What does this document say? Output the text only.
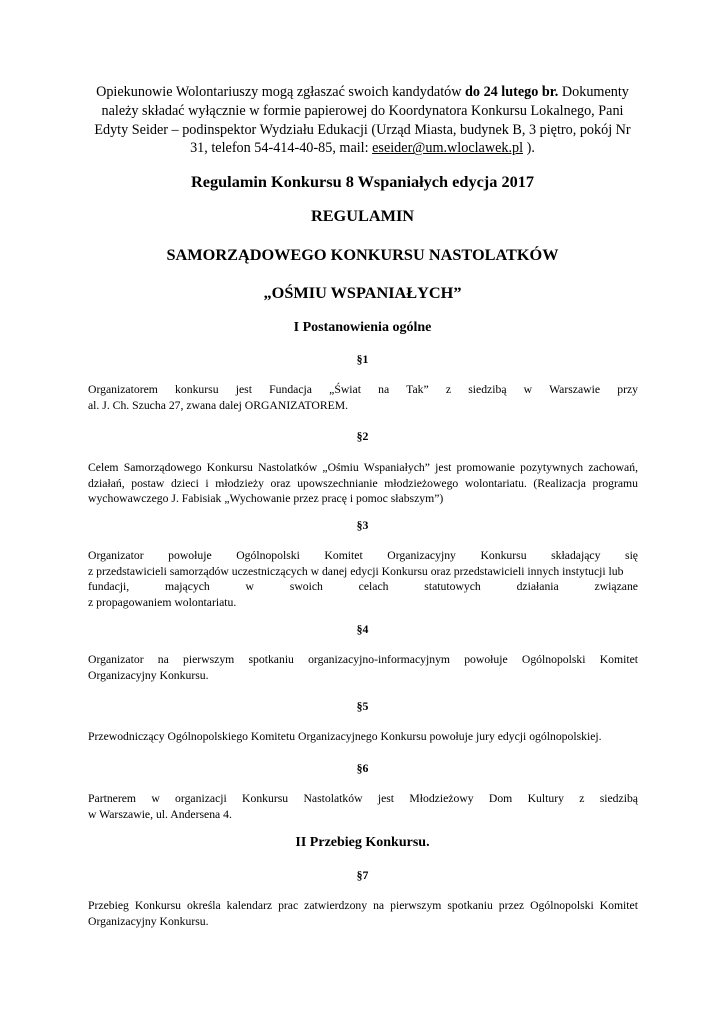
Opiekunowie Wolontariuszy mogą zgłaszać swoich kandydatów do 24 lutego br. Dokumenty należy składać wyłącznie w formie papierowej do Koordynatora Konkursu Lokalnego, Pani Edyty Seider – podinspektor Wydziału Edukacji (Urząd Miasta, budynek B, 3 piętro, pokój Nr 31, telefon 54-414-40-85, mail: eseider@um.wloclawek.pl ).
Regulamin Konkursu 8 Wspaniałych edycja 2017
REGULAMIN
SAMORZĄDOWEGO KONKURSU NASTOLATKÓW
„OŚMIU WSPANIAŁYCH”
I Postanowienia ogólne
§1
Organizatorem konkursu jest Fundacja „Świat na Tak” z siedzibą w Warszawie przy
al. J. Ch. Szucha 27, zwana dalej ORGANIZATOREM.
§2
Celem Samorządowego Konkursu Nastolatków „Ośmiu Wspaniałych” jest promowanie pozytywnych zachowań,
działań, postaw dzieci i młodzieży oraz upowszechnianie młodzieżowego wolontariatu. (Realizacja programu
wychowawczego J. Fabisiak „Wychowanie przez pracę i pomoc słabszym”)
§3
Organizator powołuje Ogólnopolski Komitet Organizacyjny Konkursu składający się
z przedstawicieli samorządów uczestniczących w danej edycji Konkursu oraz przedstawicieli innych instytucji lub
fundacji, mających w swoich celach statutowych działania związane
z propagowaniem wolontariatu.
§4
Organizator na pierwszym spotkaniu organizacyjno-informacyjnym powołuje Ogólnopolski Komitet
Organizacyjny Konkursu.
§5
Przewodniczący Ogólnopolskiego Komitetu Organizacyjnego Konkursu powołuje jury edycji ogólnopolskiej.
§6
Partnerem w organizacji Konkursu Nastolatków jest Młodzieżowy Dom Kultury z siedzibą
w Warszawie, ul. Andersena 4.
II Przebieg Konkursu.
§7
Przebieg Konkursu określa kalendarz prac zatwierdzony na pierwszym spotkaniu przez Ogólnopolski Komitet
Organizacyjny Konkursu.
